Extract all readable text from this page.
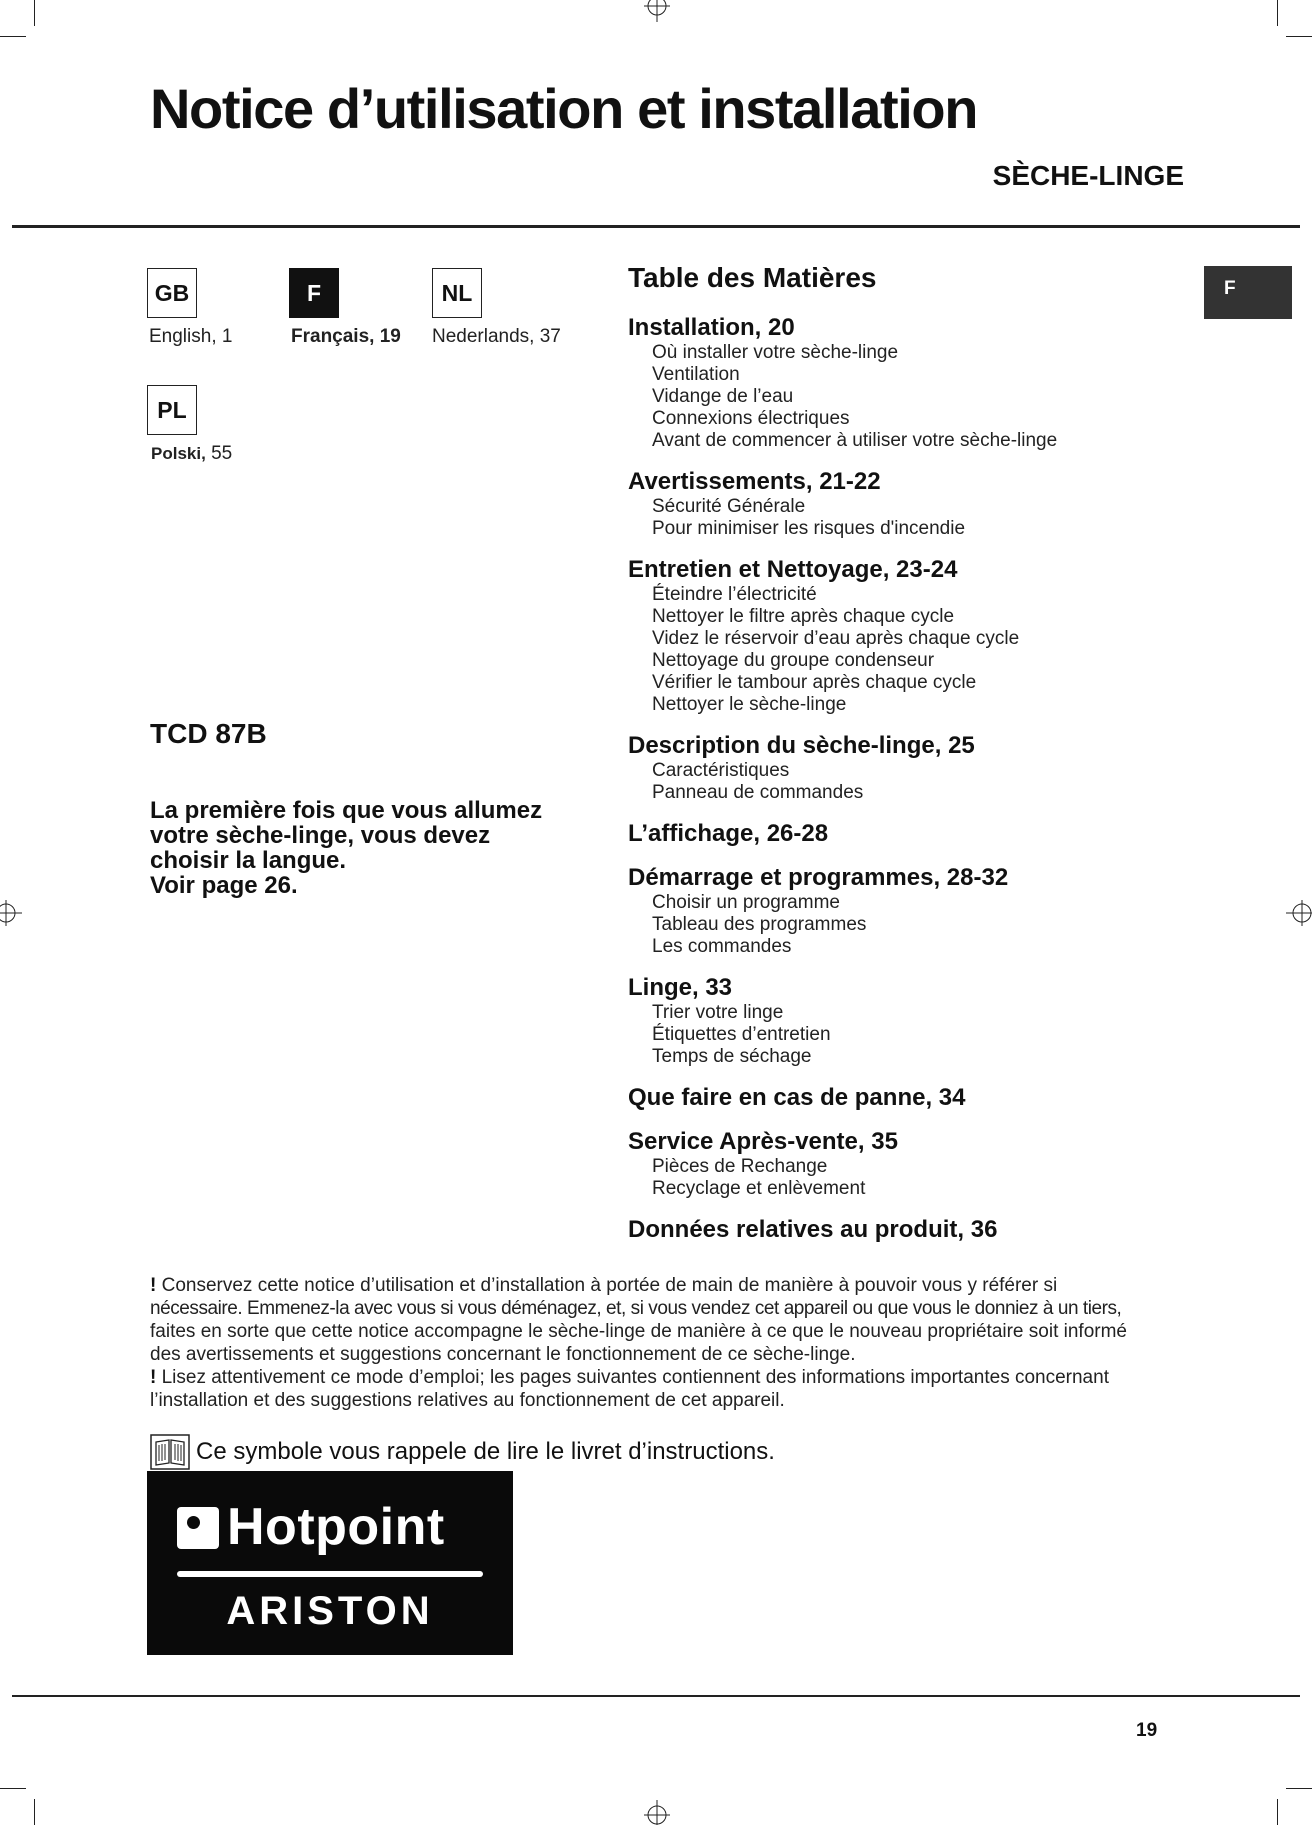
Notice d’utilisation et installation
SÈCHE-LINGE
GB
English, 1
F
Français, 19
NL
Nederlands, 37
PL
Polski, 55
F
Table des Matières
Installation, 20
Où installer votre sèche-linge
Ventilation
Vidange de l’eau
Connexions électriques
Avant de commencer à utiliser votre sèche-linge
Avertissements, 21-22
Sécurité Générale
Pour minimiser les risques d'incendie
Entretien et Nettoyage, 23-24
Éteindre l’électricité
Nettoyer le filtre après chaque cycle
Videz le réservoir d’eau après chaque cycle
Nettoyage du groupe condenseur
Vérifier le tambour après chaque cycle
Nettoyer le sèche-linge
Description du sèche-linge, 25
Caractéristiques
Panneau de commandes
L’affichage, 26-28
Démarrage et programmes, 28-32
Choisir un programme
Tableau des programmes
Les commandes
Linge, 33
Trier votre linge
Étiquettes d’entretien
Temps de séchage
Que faire en cas de panne, 34
Service Après-vente, 35
Pièces de Rechange
Recyclage et enlèvement
Données relatives au produit, 36
TCD 87B
La première fois que vous allumez
votre sèche-linge, vous devez
choisir la langue.
Voir page 26.

! Conservez cette notice d’utilisation et d’installation à portée de main de manière à pouvoir vous y référer si

nécessaire. Emmenez-la avec vous si vous déménagez, et, si vous vendez cet appareil ou que vous le donniez à un tiers,

faites en sorte que cette notice accompagne le sèche-linge de manière à ce que le nouveau propriétaire soit informé

des avertissements et suggestions concernant le fonctionnement de ce sèche-linge.

! Lisez attentivement ce mode d’emploi; les pages suivantes contiennent des informations importantes concernant

l’installation et des suggestions relatives au fonctionnement de cet appareil.

Ce symbole vous rappele de lire le livret d’instructions.
Hotpoint
ARISTON
19
